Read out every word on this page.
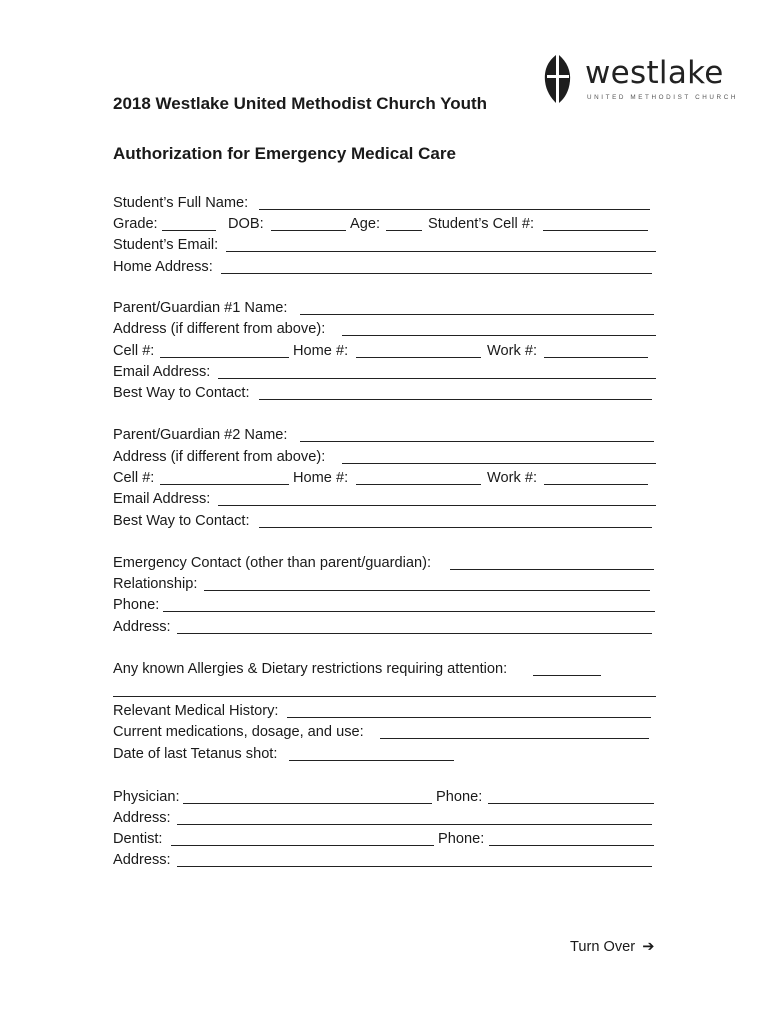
westlake
UNITED METHODIST CHURCH
2018 Westlake United Methodist Church Youth
Authorization for Emergency Medical Care
Student’s Full Name:
Grade:	DOB:	Age:	Student’s Cell #:
Student’s Email:
Home Address:
Parent/Guardian #1 Name:
Address (if different from above):
Cell #:	Home #:	Work #:
Email Address:
Best Way to Contact:
Parent/Guardian #2 Name:
Address (if different from above):
Cell #:	Home #:	Work #:
Email Address:
Best Way to Contact:
Emergency Contact (other than parent/guardian):
Relationship:
Phone:
Address:
Any known Allergies & Dietary restrictions requiring attention:
Relevant Medical History:
Current medications, dosage, and use:
Date of last Tetanus shot:
Physician:	Phone:
Address:
Dentist:	Phone:
Address:
Turn Over ➔
